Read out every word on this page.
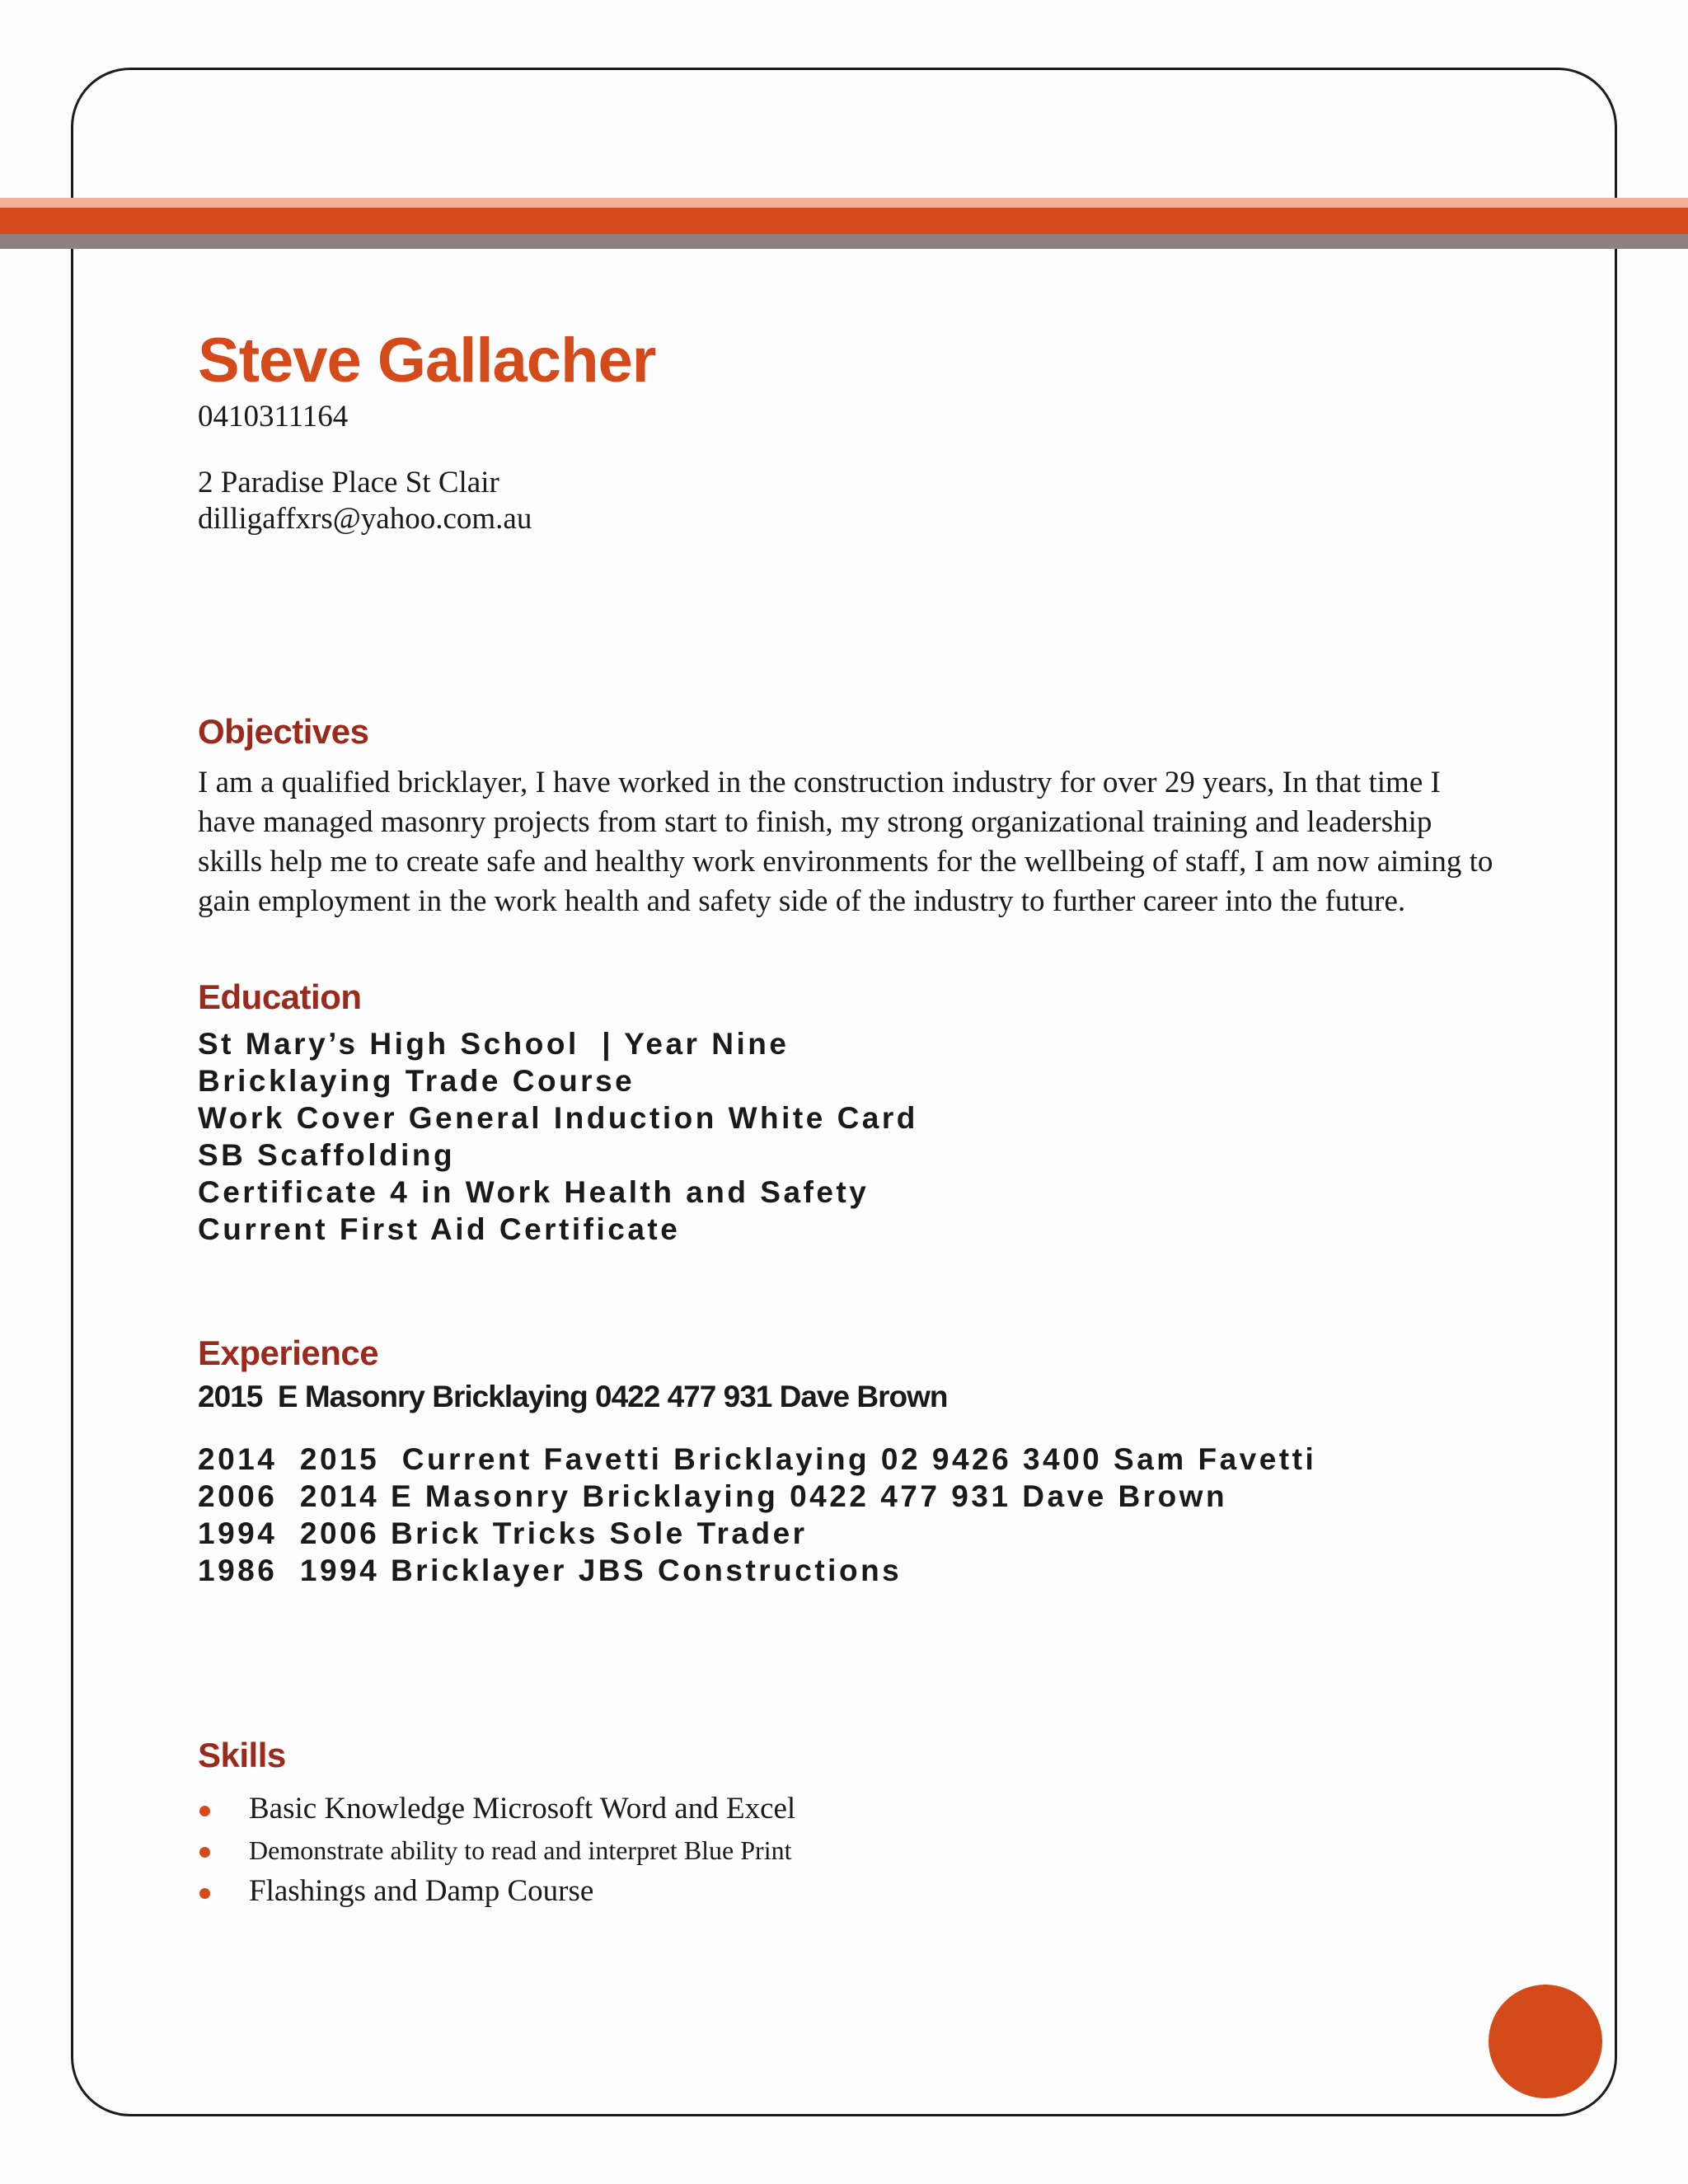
Steve Gallacher

0410311164

2 Paradise Place St Clair

dilligaffxrs@yahoo.com.au

Objectives

I am a qualified bricklayer, I have worked in the construction industry for over 29 years, In that time I have managed masonry projects from start to finish, my strong organizational training and leadership skills help me to create safe and healthy work environments for the wellbeing of staff, I am now aiming to gain employment in the work health and safety side of the industry to further career into the future.

Education
St Mary’s High School  | Year Nine
Bricklaying Trade Course
Work Cover General Induction White Card
SB Scaffolding
Certificate 4 in Work Health and Safety
Current First Aid Certificate
Experience

2015  E Masonry Bricklaying 0422 477 931 Dave Brown

2014  2015  Current Favetti Bricklaying 02 9426 3400 Sam Favetti
2006  2014 E Masonry Bricklaying 0422 477 931 Dave Brown
1994  2006 Brick Tricks Sole Trader
1986  1994 Bricklayer JBS Constructions
Skills
Basic Knowledge Microsoft Word and Excel
Demonstrate ability to read and interpret Blue Print
Flashings and Damp Course
